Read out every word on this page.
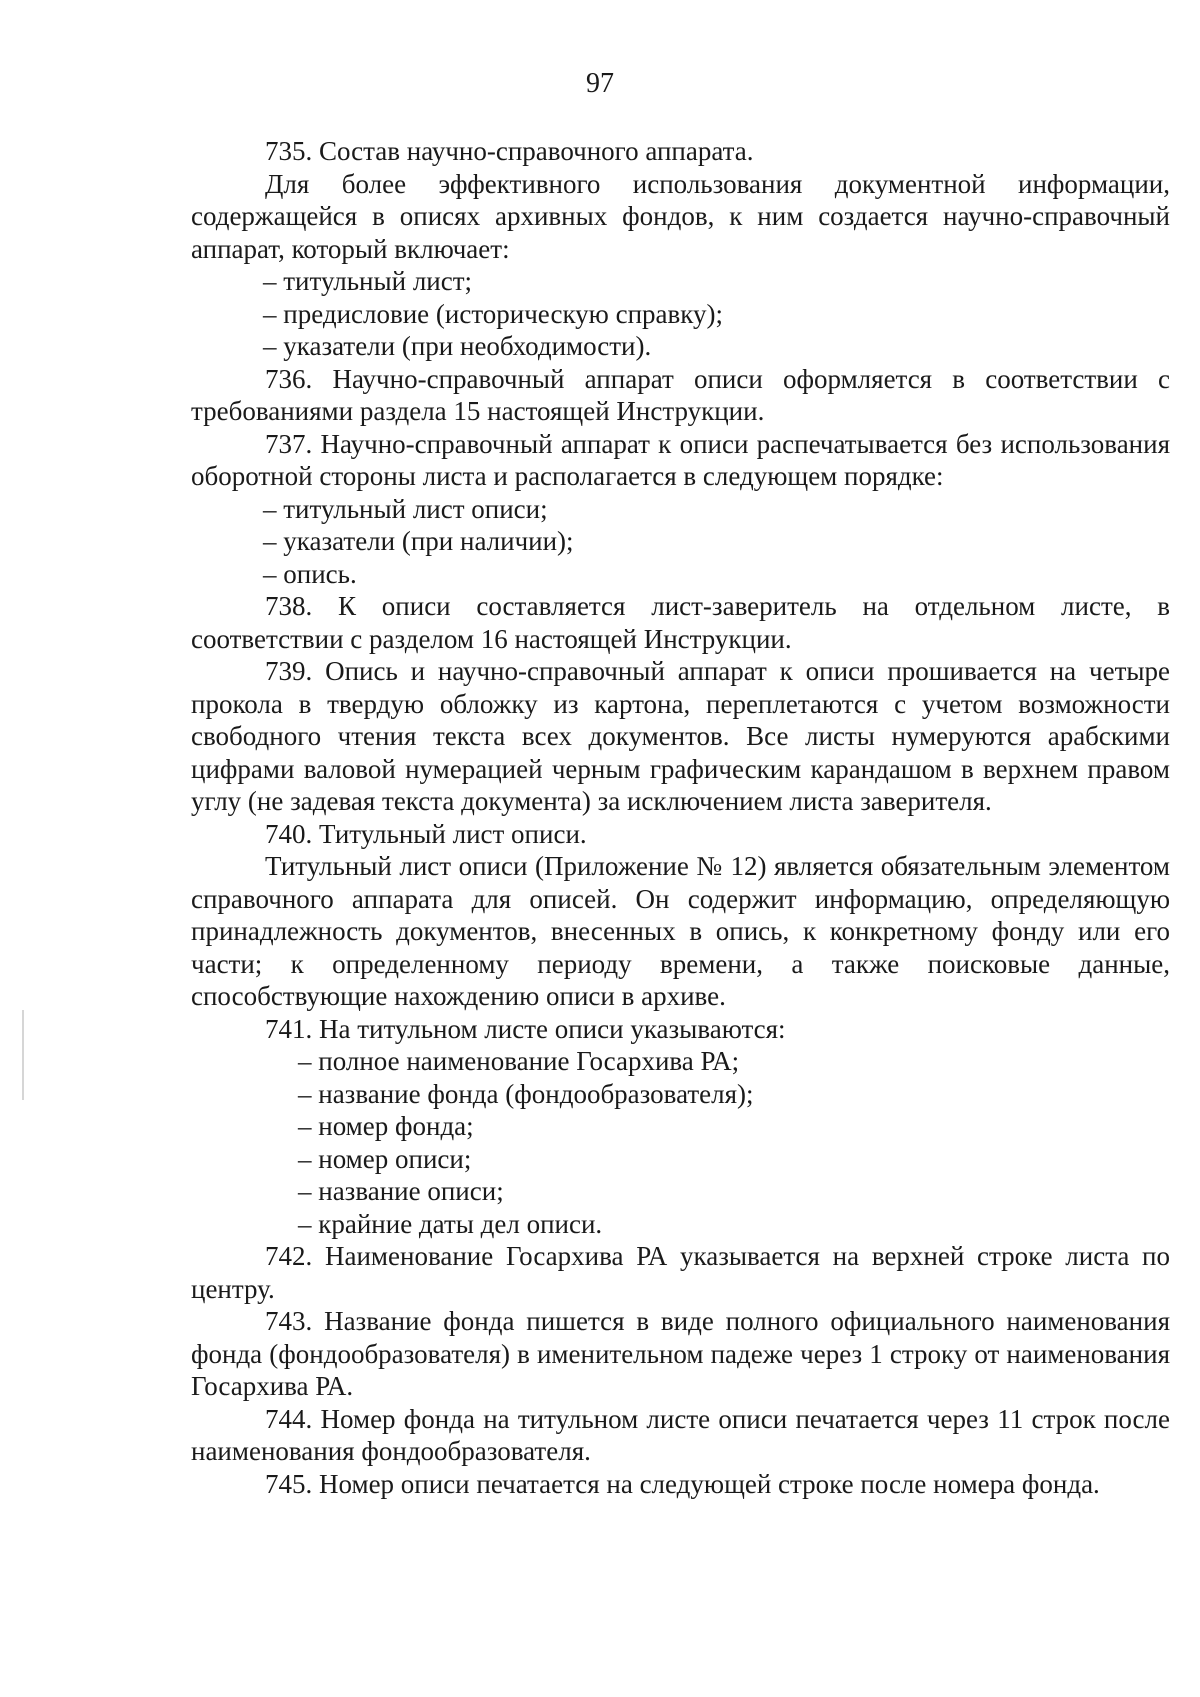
97

735. Состав научно-справочного аппарата.

Для более эффективного использования документной информации, содержащейся в описях архивных фондов, к ним создается научно-справочный аппарат, который включает:

– титульный лист;

– предисловие (историческую справку);

– указатели (при необходимости).

736. Научно-справочный аппарат описи оформляется в соответствии с требованиями раздела 15 настоящей Инструкции.

737. Научно-справочный аппарат к описи распечатывается без использования оборотной стороны листа и располагается в следующем порядке:

– титульный лист описи;

– указатели (при наличии);

– опись.

738. К описи составляется лист-заверитель на отдельном листе, в соответствии с разделом 16 настоящей Инструкции.

739. Опись и научно-справочный аппарат к описи прошивается на четыре прокола в твердую обложку из картона, переплетаются с учетом возможности свободного чтения текста всех документов. Все листы нумеруются арабскими цифрами валовой нумерацией черным графическим карандашом в верхнем правом углу (не задевая текста документа) за исключением листа заверителя.

740. Титульный лист описи.

Титульный лист описи (Приложение № 12) является обязательным элементом справочного аппарата для описей. Он содержит информацию, определяющую принадлежность документов, внесенных в опись, к конкретному фонду или его части; к определенному периоду времени, а также поисковые данные, способствующие нахождению описи в архиве.

741. На титульном листе описи указываются:

– полное наименование Госархива РА;

– название фонда (фондообразователя);

– номер фонда;

– номер описи;

– название описи;

– крайние даты дел описи.

742. Наименование Госархива РА указывается на верхней строке листа по центру.

743. Название фонда пишется в виде полного официального наименования фонда (фондообразователя) в именительном падеже через 1 строку от наименования Госархива РА.

744. Номер фонда на титульном листе описи печатается через 11 строк после наименования фондообразователя.

745. Номер описи печатается на следующей строке после номера фонда.
